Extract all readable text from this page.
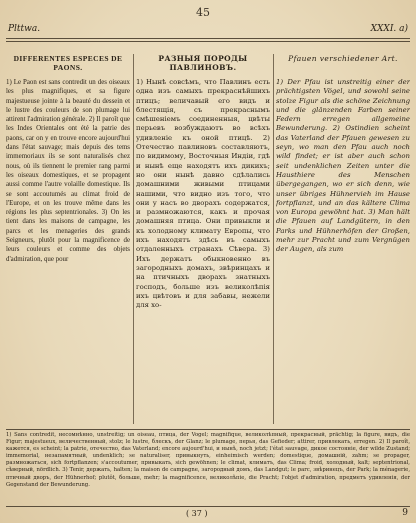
45
Plttwa.	XXXI. a)
DIFFERENTES ESPECES DE PAONS.
1) Le Paon est sans contredit un des oiseaux les plus magnifiques, et sa figure majestueuse jointe à la beauté du dessein et le lustre des couleurs de son plumage lui attirent l'admiration générale. 2) Il paroît que les Indes Orientales ont été la patrie des paons, car on y en trouve encore aujourd'hui dans l'état sauvage; mais depuis des tems immemoriaux ils se sont naturalisés chez nous, où ils tiennent le premier rang parmi les oiseaux domestiques, et se propagent aussi comme l'autre volaille domestique. Ils se sont accoutumés au climat froid de l'Europe, et on les trouve même dans les régions les plus septentrionales. 3) On les tient dans les maisons de campagne, les parcs et les menageries des grands Seigneurs, plutôt pour la magnificence de leurs couleurs et comme des objets d'admiration, que pour
РАЗНЫЯ ПОРОДЫ ПАВЛИНОВЪ.
1) Нынѣ совсѣмъ, что Павлинъ есть одна изъ самыхъ прекраснѣйшихъ птицъ; величавый его видъ и блестящія, съ прекраснымъ смѣшеніемъ соединенныя, цвѣты перьевъ возбуждаютъ во всѣхъ удивленіе къ оной птицѣ. 2) Отечество павлиновъ составляютъ, по видимому, Восточныя Индіи, гдѣ и нынѣ еще находятъ ихъ дикихъ; но они нынѣ давно сдѣлались домашними живыми птицами нашими, что видно изъ того, что они у насъ во дворахъ содержатся, и размножаются, какъ и прочая домашняя птица. Они привыкли и къ холодному климату Европы, что ихъ находятъ здѣсь въ самыхъ отдаленныхъ странахъ Сѣвера. 3) Ихъ держатъ обыкновенно въ загородныхъ домахъ, звѣринцахъ и на птичныхъ дворахъ знатныхъ господъ, больше изъ великолѣпія ихъ цвѣтовъ и для забавы, нежели для хо-
Pfauen verschiedener Art.
1) Der Pfau ist unstreitig einer der prächtigsten Vögel, und sowohl seine stolze Figur als die schöne Zeichnung und die glänzenden Farben seiner Federn erregen allgemeine Bewunderung. 2) Ostindien scheint das Vaterland der Pfauen gewesen zu seyn, wo man den Pfau auch noch wild findet; er ist aber auch schon seit undenklichen Zeiten unter die Hausthiere des Menschen übergegangen, wo er sich denn, wie unser übriges Hühnervieh im Hause fortpflanzt, und an das kältere Clima von Europa gewöhnt hat. 3) Man hält die Pfauen auf Landgütern, in den Parks und Hühnerhöfen der Großen, mehr zur Pracht und zum Vergnügen der Augen, als zum
1) Sans contredit, несомнѣнно, unstreitig; un oiseau, птица, der Vogel; magnifique, великолѣпный, прекрасный, prächtig; la figure, видъ, die Figur; majestueux, величественный, stolz; le lustre, блескъ, der Glanz; le plumage, перья, das Gefieder; attirer, привлекать, erregen. 2) Il paroît, кажется, es scheint; la patrie, отечество, das Vaterland; encore aujourd'hui, и нынѣ, noch jetzt; l'état sauvage, дикое состояніе, der wilde Zustand; immemorial, незапамятный, undenklich; se naturaliser, привыкнуть, einheimisch werden; domestique, домашній, zahm; se propager, размножаться, sich fortpflanzen; s'accoutumer, привыкать, sich gewöhnen; le climat, климатъ, das Clima; froid, холодный, kalt; septentrional, сѣверный, nördlich. 3) Tenir, держать, halten; la maison de campagne, загородный домъ, das Landgut; le parc, звѣринецъ, der Park; la ménagerie, птичный дворъ, der Hühnerhof; plutôt, больше, mehr; la magnificence, великолѣпіе, die Pracht; l'objet d'admiration, предметъ удивленія, der Gegenstand der Bewunderung.
( 37 )	9
